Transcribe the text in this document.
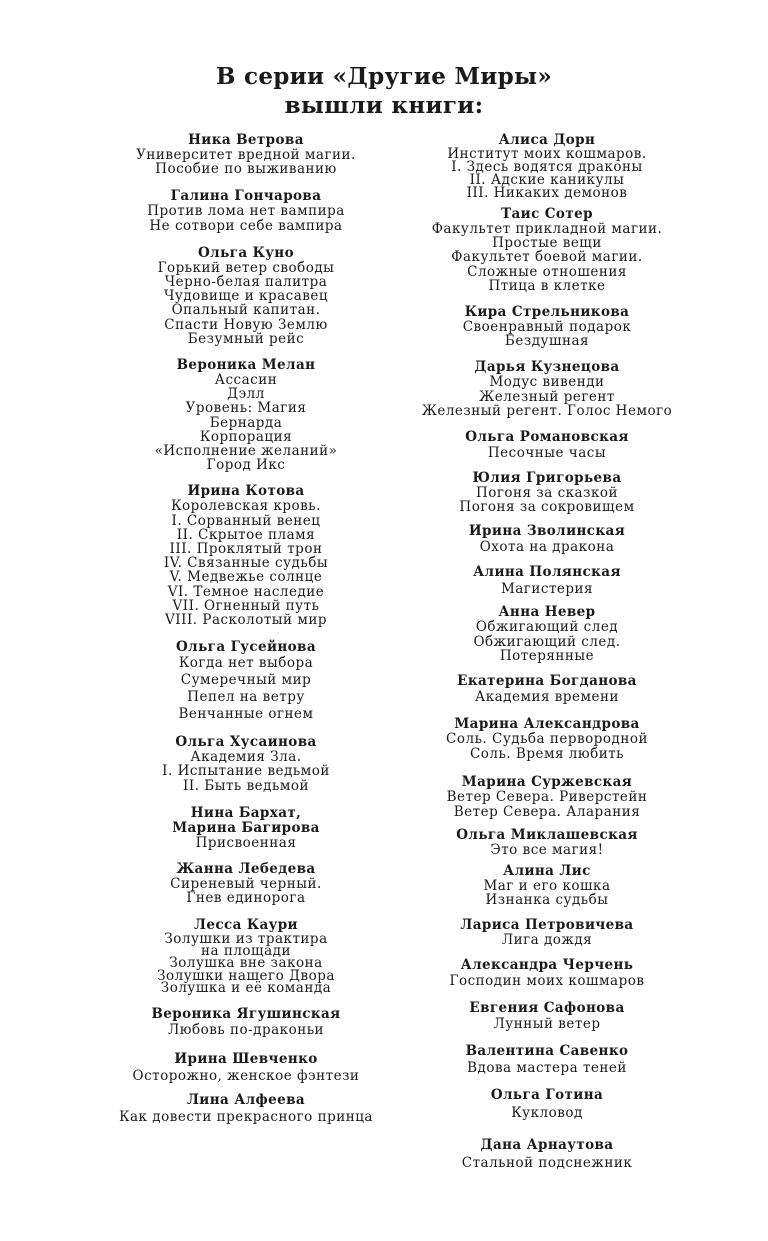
В серии «Другие Миры»
вышли книги:
Ника Ветрова
Университет вредной магии.
Пособие по выживанию
Галина Гончарова
Против лома нет вампира
Не сотвори себе вампира
Ольга Куно
Горький ветер свободы
Черно-белая палитра
Чудовище и красавец
Опальный капитан.
Спасти Новую Землю
Безумный рейс
Вероника Мелан
Ассасин
Дэлл
Уровень: Магия
Бернарда
Корпорация
«Исполнение желаний»
Город Икс
Ирина Котова
Королевская кровь.
I. Сорванный венец
II. Скрытое пламя
III. Проклятый трон
IV. Связанные судьбы
V. Медвежье солнце
VI. Темное наследие
VII. Огненный путь
VIII. Расколотый мир
Ольга Гусейнова
Когда нет выбора
Сумеречный мир
Пепел на ветру
Венчанные огнем
Ольга Хусаинова
Академия Зла.
I. Испытание ведьмой
II. Быть ведьмой
Нина Бархат,
Марина Багирова
Присвоенная
Жанна Лебедева
Сиреневый черный.
Гнев единорога
Лесса Каури
Золушки из трактира
на площади
Золушка вне закона
Золушки нашего Двора
Золушка и её команда
Вероника Ягушинская
Любовь по-драконьи
Ирина Шевченко
Осторожно, женское фэнтези
Лина Алфеева
Как довести прекрасного принца
Алиса Дорн
Институт моих кошмаров.
I. Здесь водятся драконы
II. Адские каникулы
III. Никаких демонов
Таис Сотер
Факультет прикладной магии.
Простые вещи
Факультет боевой магии.
Сложные отношения
Птица в клетке
Кира Стрельникова
Своенравный подарок
Бездушная
Дарья Кузнецова
Модус вивенди
Железный регент
Железный регент. Голос Немого
Ольга Романовская
Песочные часы
Юлия Григорьева
Погоня за сказкой
Погоня за сокровищем
Ирина Зволинская
Охота на дракона
Алина Полянская
Магистерия
Анна Невер
Обжигающий след
Обжигающий след.
Потерянные
Екатерина Богданова
Академия времени
Марина Александрова
Соль. Судьба первородной
Соль. Время любить
Марина Суржевская
Ветер Севера. Риверстейн
Ветер Севера. Аларания
Ольга Миклашевская
Это все магия!
Алина Лис
Маг и его кошка
Изнанка судьбы
Лариса Петровичева
Лига дождя
Александра Черчень
Господин моих кошмаров
Евгения Сафонова
Лунный ветер
Валентина Савенко
Вдова мастера теней
Ольга Готина
Кукловод
Дана Арнаутова
Стальной подснежник
